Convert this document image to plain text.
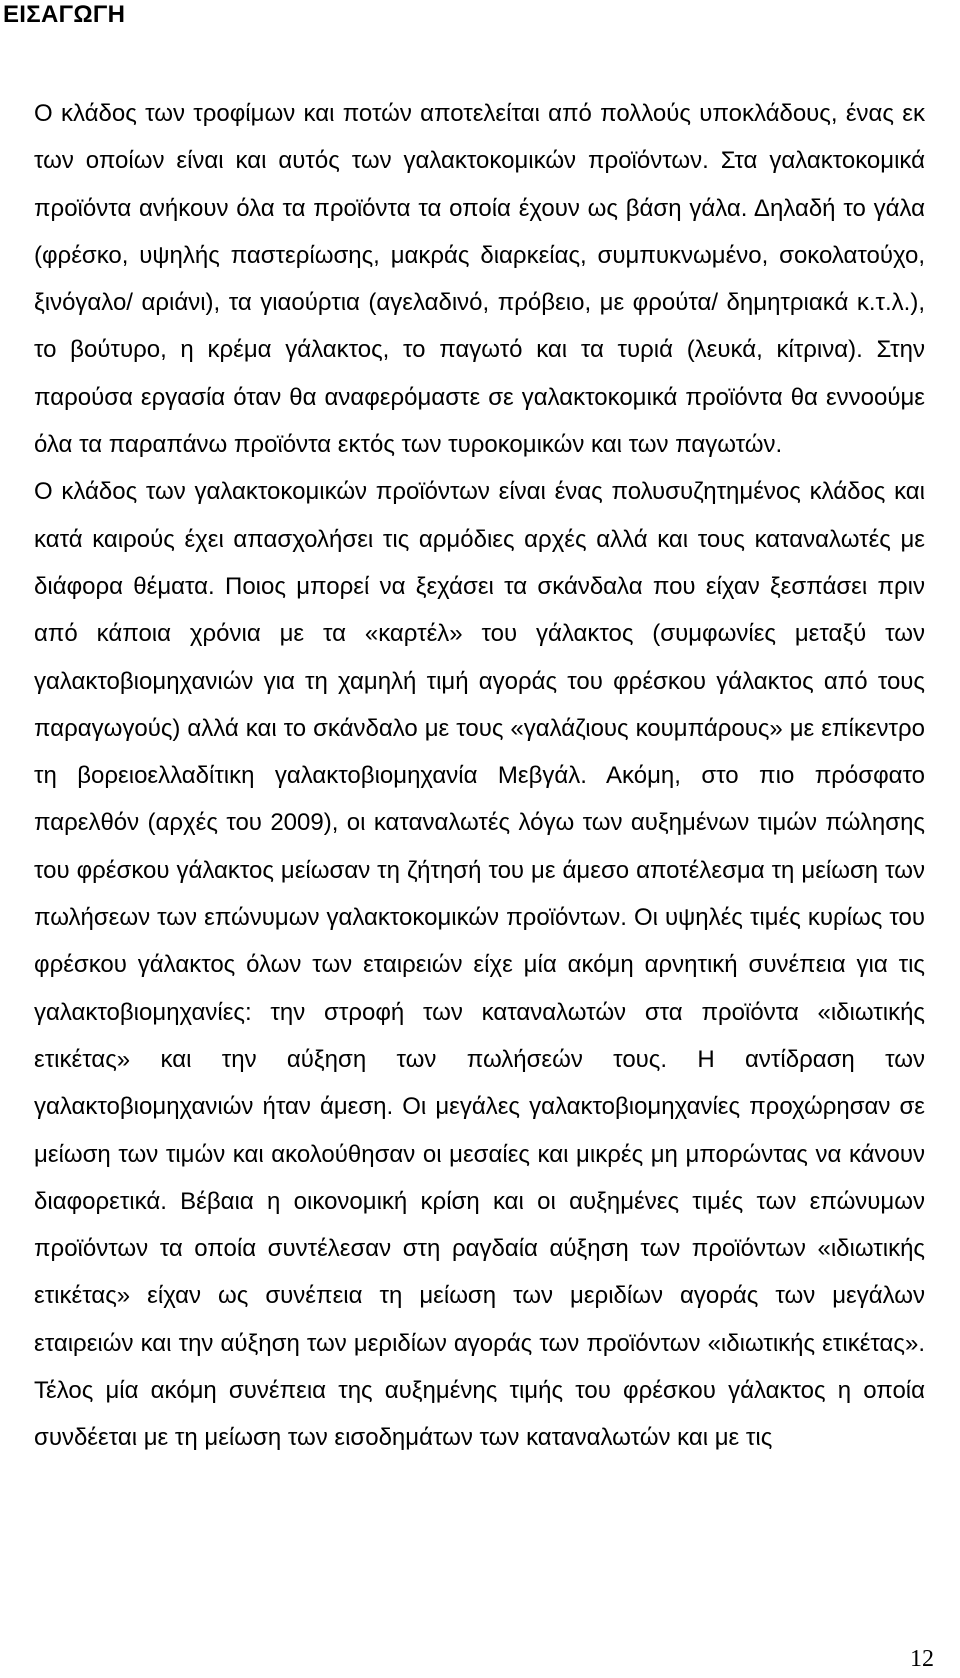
ΕΙΣΑΓΩΓΗ

Ο κλάδος των τροφίμων και ποτών αποτελείται από πολλούς υποκλάδους, ένας εκ των οποίων είναι και αυτός των γαλακτοκομικών προϊόντων. Στα γαλακτοκομικά προϊόντα ανήκουν όλα τα προϊόντα τα οποία έχουν ως βάση γάλα. Δηλαδή το γάλα (φρέσκο, υψηλής παστερίωσης, μακράς διαρκείας, συμπυκνωμένο, σοκολατούχο, ξινόγαλο/ αριάνι), τα γιαούρτια (αγελαδινό, πρόβειο, με φρούτα/ δημητριακά κ.τ.λ.), το βούτυρο, η κρέμα γάλακτος, το παγωτό και τα τυριά (λευκά, κίτρινα). Στην παρούσα εργασία όταν θα αναφερόμαστε σε γαλακτοκομικά προϊόντα θα εννοούμε όλα τα παραπάνω προϊόντα εκτός των τυροκομικών και των παγωτών.

Ο κλάδος των γαλακτοκομικών προϊόντων είναι ένας πολυσυζητημένος κλάδος και κατά καιρούς έχει απασχολήσει τις αρμόδιες αρχές αλλά και τους καταναλωτές με διάφορα θέματα. Ποιος μπορεί να ξεχάσει τα σκάνδαλα που είχαν ξεσπάσει πριν από κάποια χρόνια με τα «καρτέλ» του γάλακτος (συμφωνίες μεταξύ των γαλακτοβιομηχανιών για τη χαμηλή τιμή αγοράς του φρέσκου γάλακτος από τους παραγωγούς) αλλά και το σκάνδαλο με τους «γαλάζιους κουμπάρους» με επίκεντρο τη βορειοελλαδίτικη γαλακτοβιομηχανία Μεβγάλ. Ακόμη, στο πιο πρόσφατο παρελθόν (αρχές του 2009), οι καταναλωτές λόγω των αυξημένων τιμών πώλησης του φρέσκου γάλακτος μείωσαν τη ζήτησή του με άμεσο αποτέλεσμα τη μείωση των πωλήσεων των επώνυμων γαλακτοκομικών προϊόντων. Οι υψηλές τιμές κυρίως του φρέσκου γάλακτος όλων των εταιρειών είχε μία ακόμη αρνητική συνέπεια για τις γαλακτοβιομηχανίες: την στροφή των καταναλωτών στα προϊόντα «ιδιωτικής ετικέτας» και την αύξηση των πωλήσεών τους. Η αντίδραση των γαλακτοβιομηχανιών ήταν άμεση. Οι μεγάλες γαλακτοβιομηχανίες προχώρησαν σε μείωση των τιμών και ακολούθησαν οι μεσαίες και μικρές μη μπορώντας να κάνουν διαφορετικά. Βέβαια η οικονομική κρίση και οι αυξημένες τιμές των επώνυμων προϊόντων τα οποία συντέλεσαν στη ραγδαία αύξηση των προϊόντων «ιδιωτικής ετικέτας» είχαν ως συνέπεια τη μείωση των μεριδίων αγοράς των μεγάλων εταιρειών και την αύξηση των μεριδίων αγοράς των προϊόντων «ιδιωτικής ετικέτας». Τέλος μία ακόμη συνέπεια της αυξημένης τιμής του φρέσκου γάλακτος η οποία συνδέεται με τη μείωση των εισοδημάτων των καταναλωτών και με τις

12
